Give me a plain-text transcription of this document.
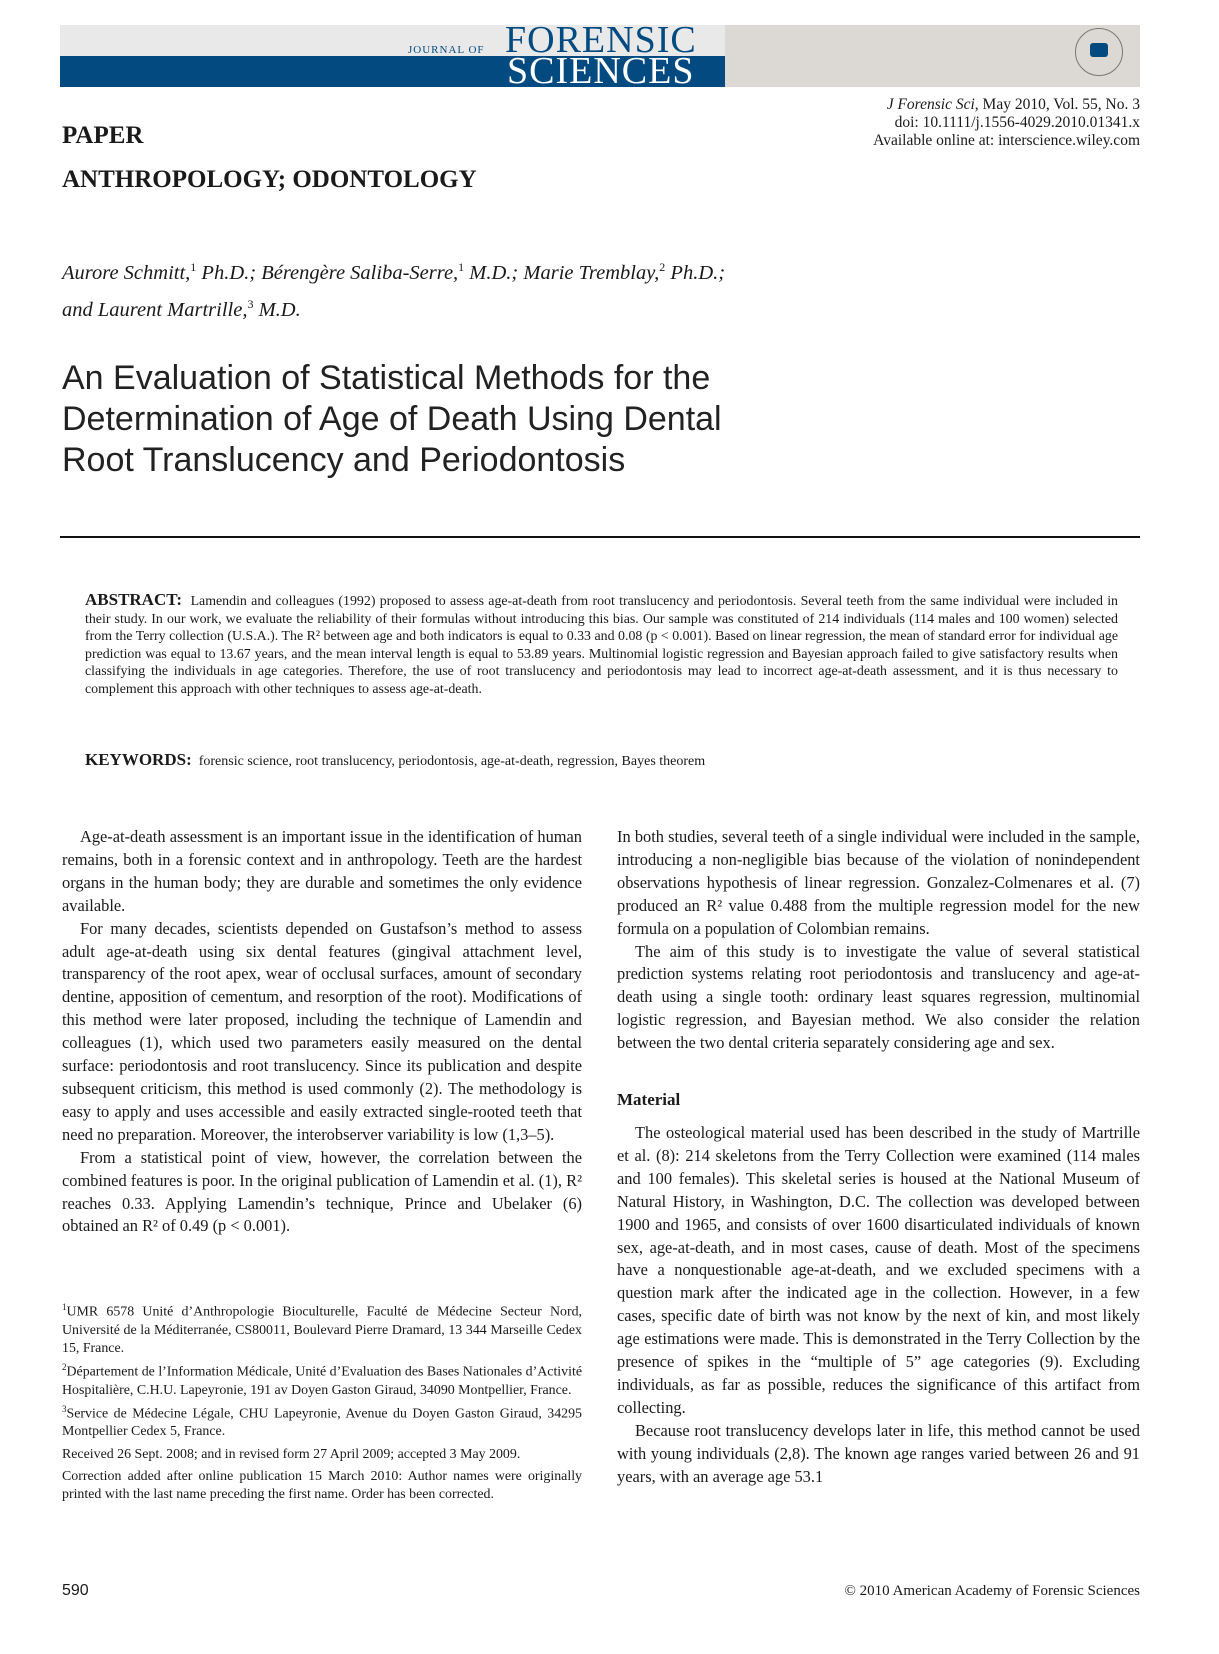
JOURNAL OF FORENSIC
SCIENCES
J Forensic Sci, May 2010, Vol. 55, No. 3
doi: 10.1111/j.1556-4029.2010.01341.x
Available online at: interscience.wiley.com
PAPER
ANTHROPOLOGY; ODONTOLOGY
Aurore Schmitt,$^1$ Ph.D.; Bérengère Saliba-Serre,$^1$ M.D.; Marie Tremblay,$^2$ Ph.D.;
and Laurent Martrille,$^3$ M.D.
An Evaluation of Statistical Methods for the
Determination of Age of Death Using Dental
Root Translucency and Periodontosis
ABSTRACT: Lamendin and colleagues (1992) proposed to assess age-at-death from root translucency and periodontosis. Several teeth from the same individual were included in their study. In our work, we evaluate the reliability of their formulas without introducing this bias. Our sample was constituted of 214 individuals (114 males and 100 women) selected from the Terry collection (U.S.A.). The R² between age and both indicators is equal to 0.33 and 0.08 (p < 0.001). Based on linear regression, the mean of standard error for individual age prediction was equal to 13.67 years, and the mean interval length is equal to 53.89 years. Multinomial logistic regression and Bayesian approach failed to give satisfactory results when classifying the individuals in age categories. Therefore, the use of root translucency and periodontosis may lead to incorrect age-at-death assessment, and it is thus necessary to complement this approach with other techniques to assess age-at-death.
KEYWORDS: forensic science, root translucency, periodontosis, age-at-death, regression, Bayes theorem

Age-at-death assessment is an important issue in the identification of human remains, both in a forensic context and in anthropology. Teeth are the hardest organs in the human body; they are durable and sometimes the only evidence available.

For many decades, scientists depended on Gustafson’s method to assess adult age-at-death using six dental features (gingival attachment level, transparency of the root apex, wear of occlusal surfaces, amount of secondary dentine, apposition of cementum, and resorption of the root). Modifications of this method were later proposed, including the technique of Lamendin and colleagues (1), which used two parameters easily measured on the dental surface: periodontosis and root translucency. Since its publication and despite subsequent criticism, this method is used commonly (2). The methodology is easy to apply and uses accessible and easily extracted single-rooted teeth that need no preparation. Moreover, the interobserver variability is low (1,3–5).

From a statistical point of view, however, the correlation between the combined features is poor. In the original publication of Lamendin et al. (1), R² reaches 0.33. Applying Lamendin’s technique, Prince and Ubelaker (6) obtained an R² of 0.49 (p < 0.001).

$^1$UMR 6578 Unité d’Anthropologie Bioculturelle, Faculté de Médecine Secteur Nord, Université de la Méditerranée, CS80011, Boulevard Pierre Dramard, 13 344 Marseille Cedex 15, France.

$^2$Département de l’Information Médicale, Unité d’Evaluation des Bases Nationales d’Activité Hospitalière, C.H.U. Lapeyronie, 191 av Doyen Gaston Giraud, 34090 Montpellier, France.

$^3$Service de Médecine Légale, CHU Lapeyronie, Avenue du Doyen Gaston Giraud, 34295 Montpellier Cedex 5, France.

Received 26 Sept. 2008; and in revised form 27 April 2009; accepted 3 May 2009.

Correction added after online publication 15 March 2010: Author names were originally printed with the last name preceding the first name. Order has been corrected.

In both studies, several teeth of a single individual were included in the sample, introducing a non-negligible bias because of the violation of nonindependent observations hypothesis of linear regression. Gonzalez-Colmenares et al. (7) produced an R² value 0.488 from the multiple regression model for the new formula on a population of Colombian remains.

The aim of this study is to investigate the value of several statistical prediction systems relating root periodontosis and translucency and age-at-death using a single tooth: ordinary least squares regression, multinomial logistic regression, and Bayesian method. We also consider the relation between the two dental criteria separately considering age and sex.

Material

The osteological material used has been described in the study of Martrille et al. (8): 214 skeletons from the Terry Collection were examined (114 males and 100 females). This skeletal series is housed at the National Museum of Natural History, in Washington, D.C. The collection was developed between 1900 and 1965, and consists of over 1600 disarticulated individuals of known sex, age-at-death, and in most cases, cause of death. Most of the specimens have a nonquestionable age-at-death, and we excluded specimens with a question mark after the indicated age in the collection. However, in a few cases, specific date of birth was not know by the next of kin, and most likely age estimations were made. This is demonstrated in the Terry Collection by the presence of spikes in the “multiple of 5” age categories (9). Excluding individuals, as far as possible, reduces the significance of this artifact from collecting.

Because root translucency develops later in life, this method cannot be used with young individuals (2,8). The known age ranges varied between 26 and 91 years, with an average age 53.1

590	© 2010 American Academy of Forensic Sciences
